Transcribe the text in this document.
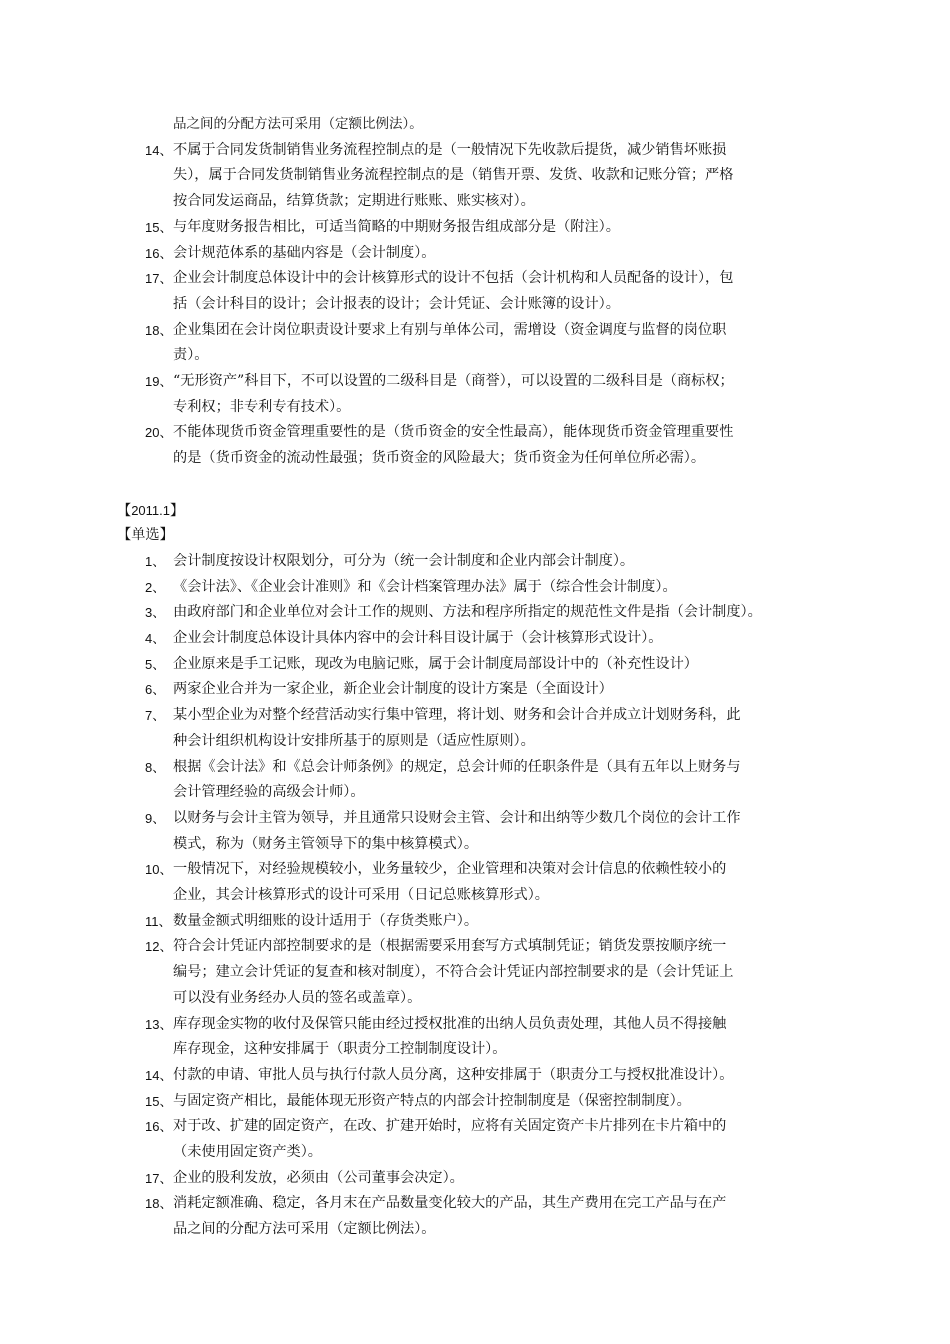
品之间的分配方法可采用（定额比例法）。
14、 不属于合同发货制销售业务流程控制点的是（一般情况下先收款后提货，减少销售坏账损
失），属于合同发货制销售业务流程控制点的是（销售开票、发货、收款和记账分管；严格
按合同发运商品，结算货款；定期进行账账、账实核对）。
15、 与年度财务报告相比，可适当简略的中期财务报告组成部分是（附注）。
16、 会计规范体系的基础内容是（会计制度）。
17、 企业会计制度总体设计中的会计核算形式的设计不包括（会计机构和人员配备的设计），包
括（会计科目的设计；会计报表的设计；会计凭证、会计账簿的设计）。
18、 企业集团在会计岗位职责设计要求上有别与单体公司，需增设（资金调度与监督的岗位职
责）。
19、 “无形资产”科目下，不可以设置的二级科目是（商誉），可以设置的二级科目是（商标权；
专利权；非专利专有技术）。
20、 不能体现货币资金管理重要性的是（货币资金的安全性最高），能体现货币资金管理重要性
的是（货币资金的流动性最强；货币资金的风险最大；货币资金为任何单位所必需）。
【2011.1】
【单选】
1、 会计制度按设计权限划分，可分为（统一会计制度和企业内部会计制度）。
2、 《会计法》、《企业会计准则》和《会计档案管理办法》属于（综合性会计制度）。
3、 由政府部门和企业单位对会计工作的规则、方法和程序所指定的规范性文件是指（会计制度）。
4、 企业会计制度总体设计具体内容中的会计科目设计属于（会计核算形式设计）。
5、 企业原来是手工记账，现改为电脑记账，属于会计制度局部设计中的（补充性设计）
6、 两家企业合并为一家企业，新企业会计制度的设计方案是（全面设计）
7、 某小型企业为对整个经营活动实行集中管理，将计划、财务和会计合并成立计划财务科，此
种会计组织机构设计安排所基于的原则是（适应性原则）。
8、 根据《会计法》和《总会计师条例》的规定，总会计师的任职条件是（具有五年以上财务与
会计管理经验的高级会计师）。
9、 以财务与会计主管为领导，并且通常只设财会主管、会计和出纳等少数几个岗位的会计工作
模式，称为（财务主管领导下的集中核算模式）。
10、 一般情况下，对经验规模较小，业务量较少，企业管理和决策对会计信息的依赖性较小的
企业，其会计核算形式的设计可采用（日记总账核算形式）。
11、 数量金额式明细账的设计适用于（存货类账户）。
12、 符合会计凭证内部控制要求的是（根据需要采用套写方式填制凭证；销货发票按顺序统一
编号；建立会计凭证的复查和核对制度），不符合会计凭证内部控制要求的是（会计凭证上
可以没有业务经办人员的签名或盖章）。
13、 库存现金实物的收付及保管只能由经过授权批准的出纳人员负责处理，其他人员不得接触
库存现金，这种安排属于（职责分工控制制度设计）。
14、 付款的申请、审批人员与执行付款人员分离，这种安排属于（职责分工与授权批准设计）。
15、 与固定资产相比，最能体现无形资产特点的内部会计控制制度是（保密控制制度）。
16、 对于改、扩建的固定资产，在改、扩建开始时，应将有关固定资产卡片排列在卡片箱中的
（未使用固定资产类）。
17、 企业的股利发放，必须由（公司董事会决定）。
18、 消耗定额准确、稳定，各月末在产品数量变化较大的产品，其生产费用在完工产品与在产
品之间的分配方法可采用（定额比例法）。
